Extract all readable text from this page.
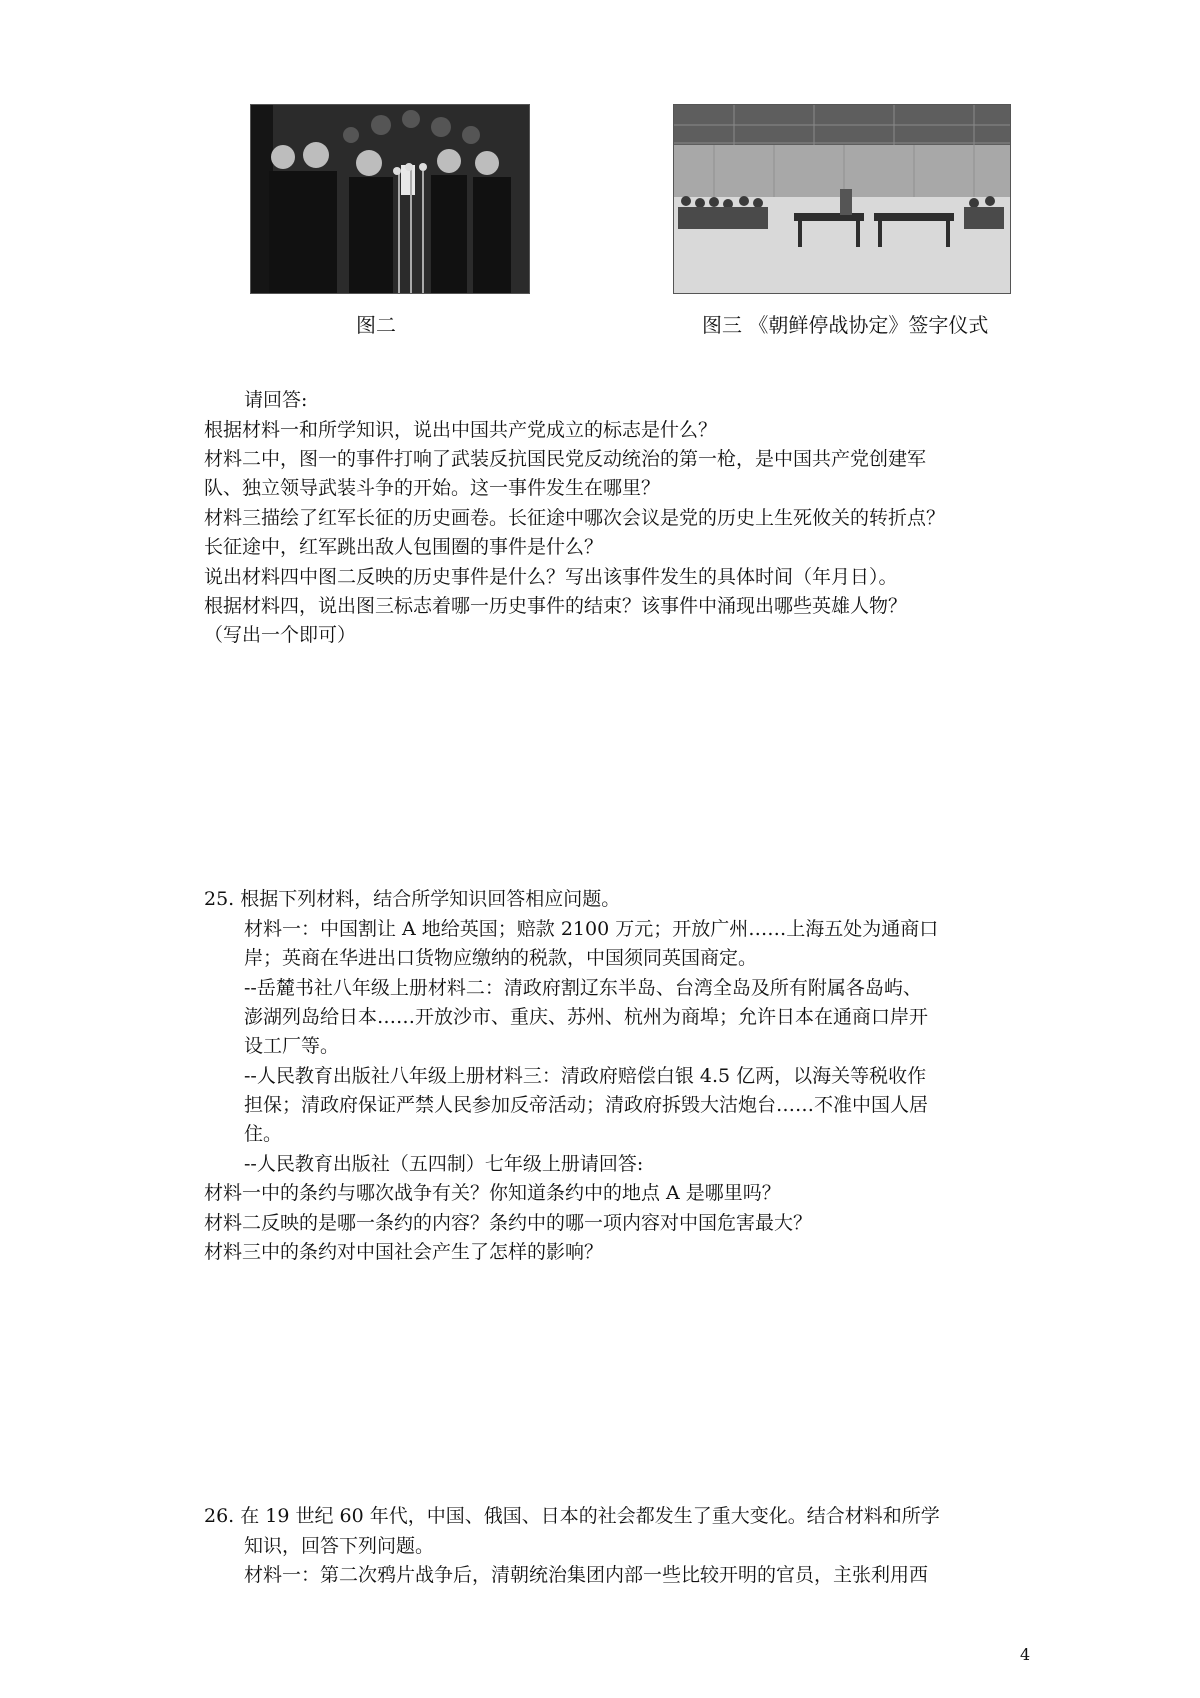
图二	图三 《朝鲜停战协定》签字仪式
请回答:
根据材料一和所学知识，说出中国共产党成立的标志是什么？
材料二中，图一的事件打响了武装反抗国民党反动统治的第一枪，是中国共产党创建军
队、独立领导武装斗争的开始。这一事件发生在哪里？
材料三描绘了红军长征的历史画卷。长征途中哪次会议是党的历史上生死攸关的转折点？
长征途中，红军跳出敌人包围圈的事件是什么？
说出材料四中图二反映的历史事件是什么？写出该事件发生的具体时间（年月日）。
根据材料四，说出图三标志着哪一历史事件的结束？该事件中涌现出哪些英雄人物？
（写出一个即可）
25. 根据下列材料，结合所学知识回答相应问题。
材料一：中国割让 A 地给英国；赔款 2100 万元；开放广州……上海五处为通商口
岸；英商在华进出口货物应缴纳的税款，中国须同英国商定。
--岳麓书社八年级上册材料二：清政府割辽东半岛、台湾全岛及所有附属各岛屿、
澎湖列岛给日本……开放沙市、重庆、苏州、杭州为商埠；允许日本在通商口岸开
设工厂等。
--人民教育出版社八年级上册材料三：清政府赔偿白银 4.5 亿两，以海关等税收作
担保；清政府保证严禁人民参加反帝活动；清政府拆毁大沽炮台……不准中国人居
住。
--人民教育出版社（五四制）七年级上册请回答:
材料一中的条约与哪次战争有关？你知道条约中的地点 A 是哪里吗？
材料二反映的是哪一条约的内容？条约中的哪一项内容对中国危害最大？
材料三中的条约对中国社会产生了怎样的影响？
26. 在 19 世纪 60 年代，中国、俄国、日本的社会都发生了重大变化。结合材料和所学
知识，回答下列问题。
材料一：第二次鸦片战争后，清朝统治集团内部一些比较开明的官员，主张利用西
4
